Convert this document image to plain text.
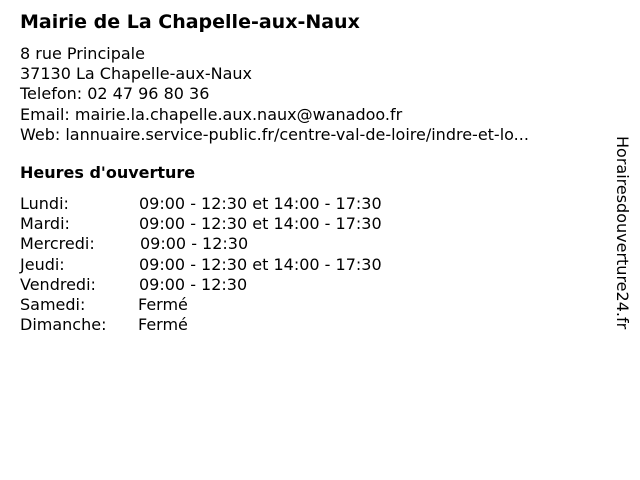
Mairie de La Chapelle-aux-Naux
8 rue Principale
37130 La Chapelle-aux-Naux
Telefon: 02 47 96 80 36
Email: mairie.la.chapelle.aux.naux@wanadoo.fr
Web: lannuaire.service-public.fr/centre-val-de-loire/indre-et-lo...
Heures d'ouverture
Lundi:	09:00 - 12:30 et 14:00 - 17:30
Mardi:	09:00 - 12:30 et 14:00 - 17:30
Mercredi:	09:00 - 12:30
Jeudi:	09:00 - 12:30 et 14:00 - 17:30
Vendredi:	09:00 - 12:30
Samedi:	Fermé
Dimanche: Fermé	Horairesdouverture24.fr
